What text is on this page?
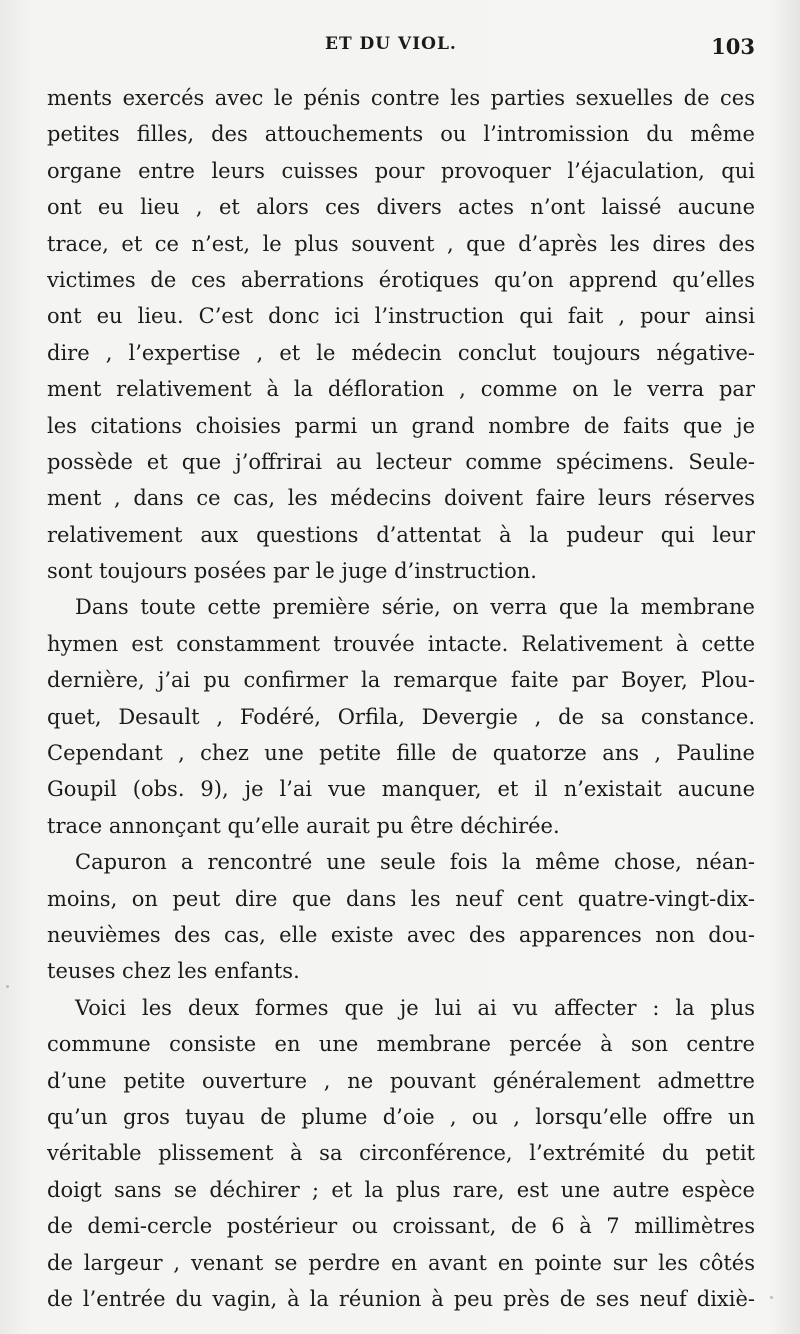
ET DU VIOL.	103
ments exercés avec le pénis contre les parties sexuelles de ces
petites filles, des attouchements ou l’intromission du même
organe entre leurs cuisses pour provoquer l’éjaculation, qui
ont eu lieu , et alors ces divers actes n’ont laissé aucune
trace, et ce n’est, le plus souvent , que d’après les dires des
victimes de ces aberrations érotiques qu’on apprend qu’elles
ont eu lieu. C’est donc ici l’instruction qui fait , pour ainsi
dire , l’expertise , et le médecin conclut toujours négative-
ment relativement à la défloration , comme on le verra par
les citations choisies parmi un grand nombre de faits que je
possède et que j’offrirai au lecteur comme spécimens. Seule-
ment , dans ce cas, les médecins doivent faire leurs réserves
relativement aux questions d’attentat à la pudeur qui leur
sont toujours posées par le juge d’instruction.
Dans toute cette première série, on verra que la membrane
hymen est constamment trouvée intacte. Relativement à cette
dernière, j’ai pu confirmer la remarque faite par Boyer, Plou-
quet, Desault , Fodéré, Orfila, Devergie , de sa constance.
Cependant , chez une petite fille de quatorze ans , Pauline
Goupil (obs. 9), je l’ai vue manquer, et il n’existait aucune
trace annonçant qu’elle aurait pu être déchirée.
Capuron a rencontré une seule fois la même chose, néan-
moins, on peut dire que dans les neuf cent quatre-vingt-dix-
neuvièmes des cas, elle existe avec des apparences non dou-
teuses chez les enfants.
Voici les deux formes que je lui ai vu affecter : la plus
commune consiste en une membrane percée à son centre
d’une petite ouverture , ne pouvant généralement admettre
qu’un gros tuyau de plume d’oie , ou , lorsqu’elle offre un
véritable plissement à sa circonférence, l’extrémité du petit
doigt sans se déchirer ; et la plus rare, est une autre espèce
de demi-cercle postérieur ou croissant, de 6 à 7 millimètres
de largeur , venant se perdre en avant en pointe sur les côtés
de l’entrée du vagin, à la réunion à peu près de ses neuf dixiè-
